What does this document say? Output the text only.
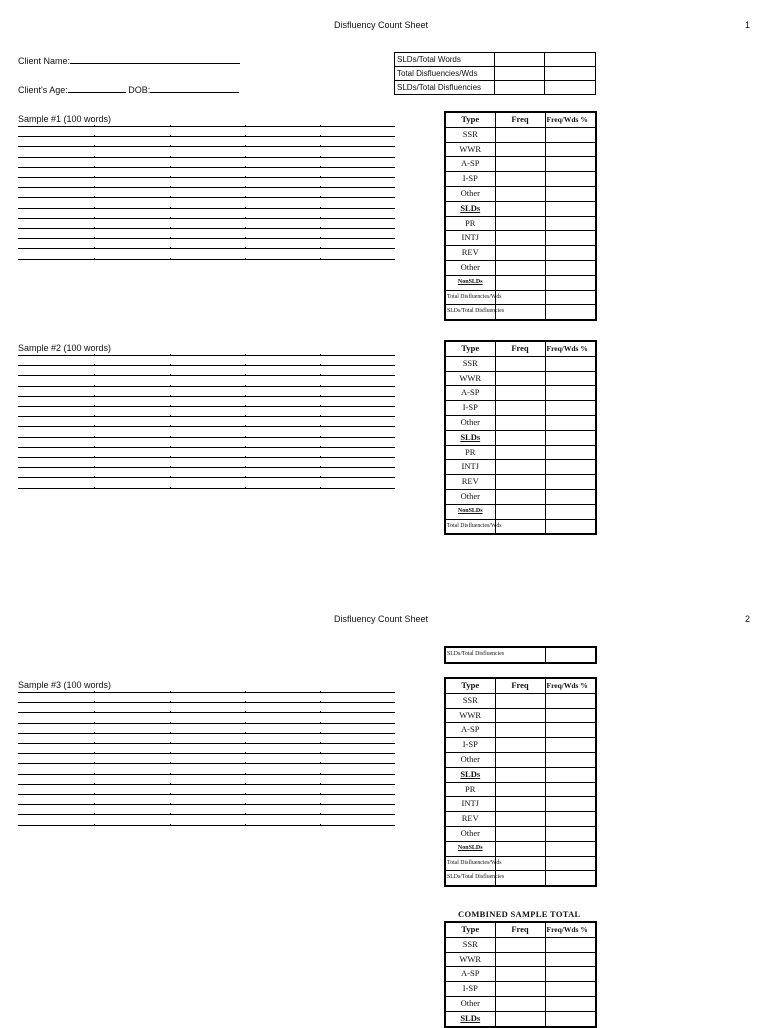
Disfluency Count Sheet	1
Client Name:
Client's Age:	DOB:
SLDs/Total Words		
Total Disfluencies/Wds		
SLDs/Total Disfluencies		
Sample #1 (100 words)	Type	Freq	Freq/Wds %
SSR		
WWR		
A-SP		
I-SP		
Other		
SLDs		
PR		
INTJ		
REV		
Other		
NonSLDs		
Total Disfluencies/Wds		
SLDs/Total Disfluencies		
Sample #2 (100 words)	Type	Freq	Freq/Wds %
SSR		
WWR		
A-SP		
I-SP		
Other		
SLDs		
PR		
INTJ		
REV		
Other		
NonSLDs		
Total Disfluencies/Wds		
Disfluency Count Sheet	2
SLDs/Total Disfluencies	
Sample #3 (100 words)	Type	Freq	Freq/Wds %
SSR		
WWR		
A-SP		
I-SP		
Other		
SLDs		
PR		
INTJ		
REV		
Other		
NonSLDs		
Total Disfluencies/Wds		
SLDs/Total Disfluencies		
COMBINED SAMPLE TOTAL
Type	Freq	Freq/Wds %
SSR		
WWR		
A-SP		
I-SP		
Other		
SLDs		
